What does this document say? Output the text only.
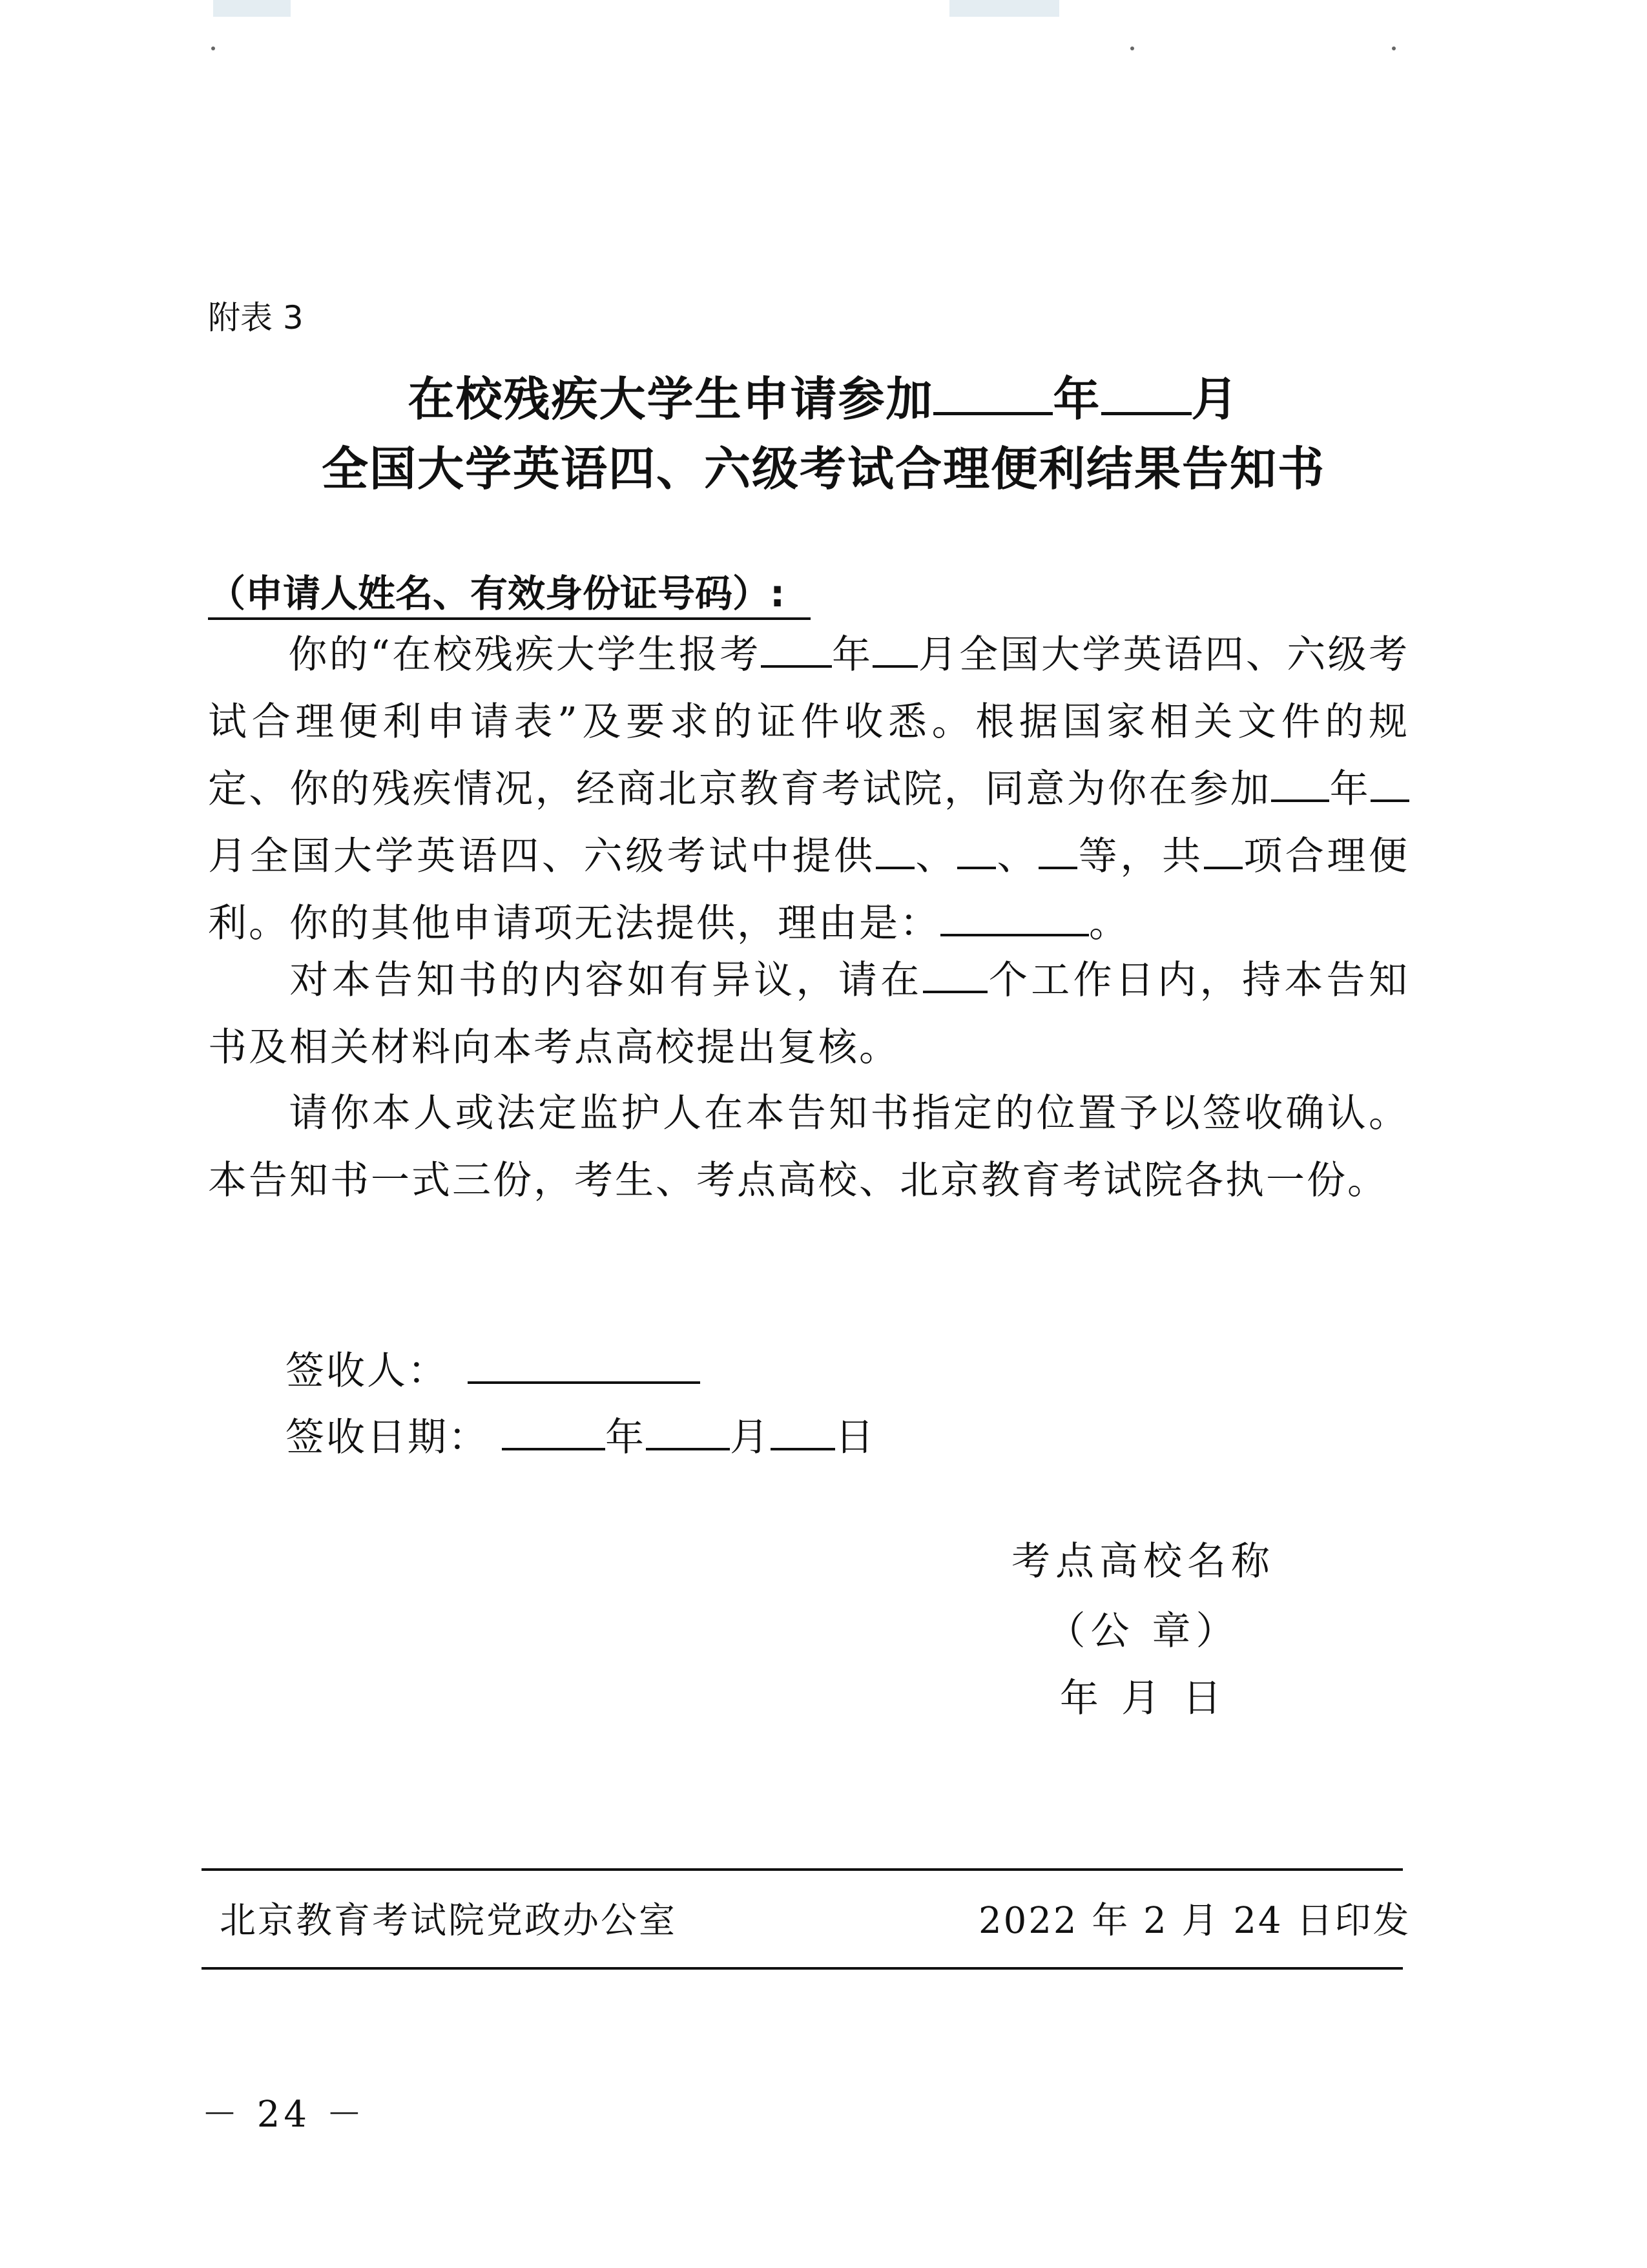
附表 3
在校残疾大学生申请参加	年 月
全国大学英语四、六级考试合理便利结果告知书
（申请人姓名、有效身份证号码）:
你的“在校残疾大学生报考 年 月全国大学英语四、六级考试合理便利申请表”及要求的证件收悉。根据国家相关文件的规定、你的残疾情况，经商北京教育考试院，同意为你在参加 年月全国大学英语四、六级考试中提供 、 、 等，共 项合理便利。你的其他申请项无法提供，理由是：	。
对本告知书的内容如有异议，请在 个工作日内，持本告知书及相关材料向本考点高校提出复核。
请你本人或法定监护人在本告知书指定的位置予以签收确认。本告知书一式三份，考生、考点高校、北京教育考试院各执一份。
签收人：
签收日期：	年 月 日
考点高校名称
（公 章）
年 月 日
北京教育考试院党政办公室	2022 年 2 月 24 日印发
－ 24 －
